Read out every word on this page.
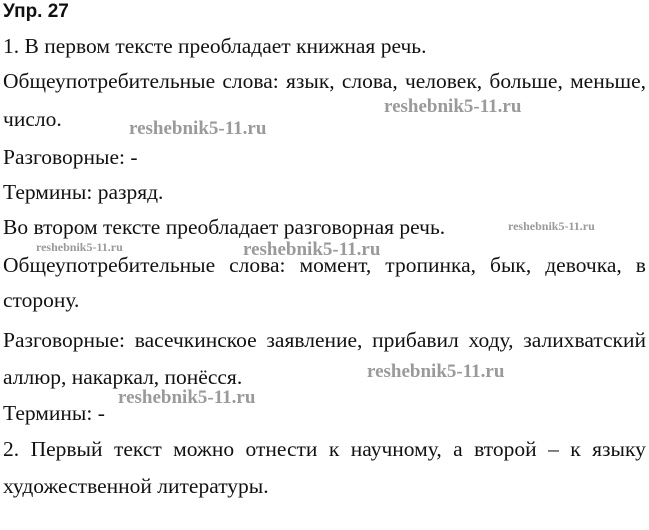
Упр. 27
1. В первом тексте преобладает книжная речь.
Общеупотребительные слова: язык, слова, человек, больше, меньше,
число.
Разговорные: -
Термины: разряд.
Во втором тексте преобладает разговорная речь.
Общеупотребительные слова: момент, тропинка, бык, девочка, в
сторону.
Разговорные: васечкинское заявление, прибавил ходу, залихватский
аллюр, накаркал, понёсся.
Термины: -
2. Первый текст можно отнести к научному, а второй – к языку
художественной литературы.
reshebnik5-11.ru
reshebnik5-11.ru
reshebnik5-11.ru
reshebnik5-11.ru	reshebnik5-11.ru
reshebnik5-11.ru
reshebnik5-11.ru
